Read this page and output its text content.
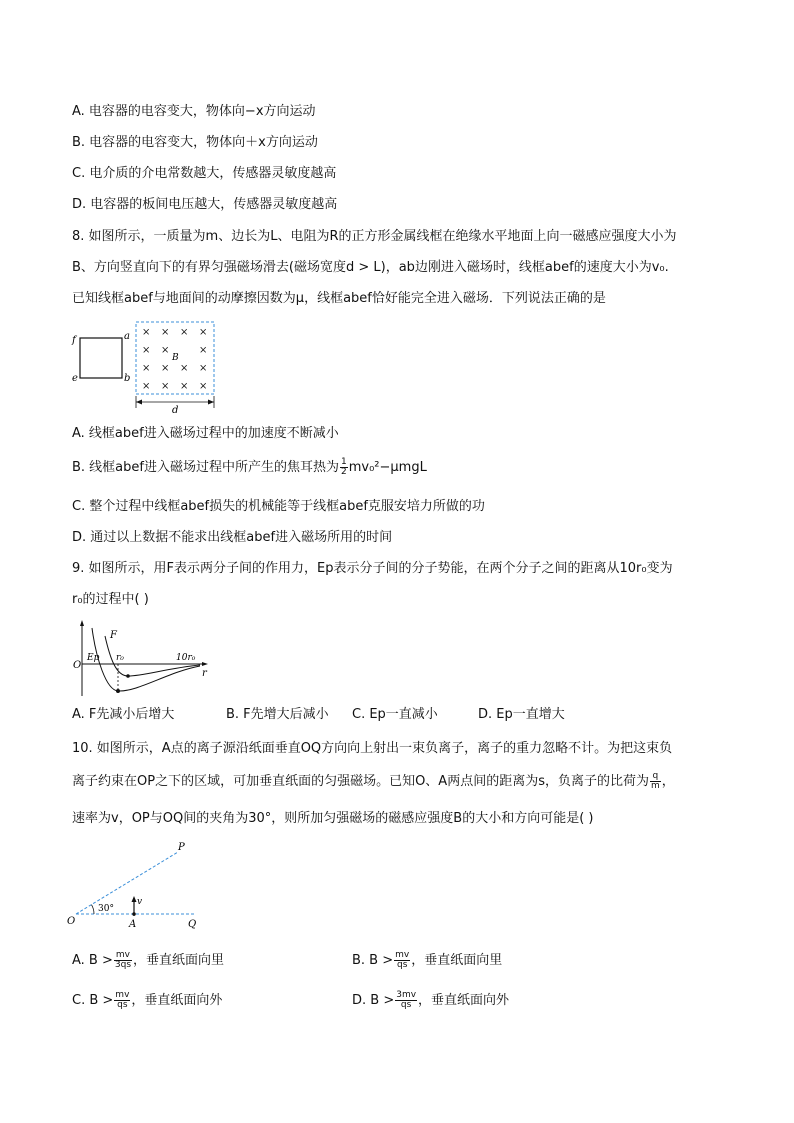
A. 电容器的电容变大，物体向−x方向运动
B. 电容器的电容变大，物体向＋x方向运动
C. 电介质的介电常数越大，传感器灵敏度越高
D. 电容器的板间电压越大，传感器灵敏度越高
8. 如图所示，一质量为m、边长为L、电阻为R的正方形金属线框在绝缘水平地面上向一磁感应强度大小为
B、方向竖直向下的有界匀强磁场滑去(磁场宽度d > L)，ab边刚进入磁场时，线框abef的速度大小为v₀.
已知线框abef与地面间的动摩擦因数为μ，线框abef恰好能完全进入磁场．下列说法正确的是
f
e
a
b
× × × ×
× ×	×
× × × ×
× × × ×
B
d
A. 线框abef进入磁场过程中的加速度不断减小
B. 线框abef进入磁场过程中所产生的焦耳热为 $\frac{1}{2} mv_0^2-\mu mgL$
C. 整个过程中线框abef损失的机械能等于线框abef克服安培力所做的功
D. 通过以上数据不能求出线框abef进入磁场所用的时间
9. 如图所示，用F表示两分子间的作用力，Ep表示分子间的分子势能，在两个分子之间的距离从10r₀变为
r₀的过程中( )
F
O
Ep r₀	10r₀
r
A. F先减小后增大	B. F先增大后减小 C. Ep一直减小	D. Ep一直增大
10. 如图所示，A点的离子源沿纸面垂直OQ方向向上射出一束负离子，离子的重力忽略不计。为把这束负
离子约束在OP之下的区域，可加垂直纸面的匀强磁场。已知O、A两点间的距离为s，负离子的比荷为 $\frac{q}{m}$ ，
速率为v，OP与OQ间的夹角为30°，则所加匀强磁场的磁感应强度B的大小和方向可能是( )
P
O
30°
v
A	Q
A. $B > \frac{mv}{3qs}$ ，垂直纸面向里	B. $B > \frac{mv}{qs}$ ，垂直纸面向里
C. $B > \frac{mv}{qs}$ ，垂直纸面向外	D. $B > \frac{3mv}{qs}$ ，垂直纸面向外
